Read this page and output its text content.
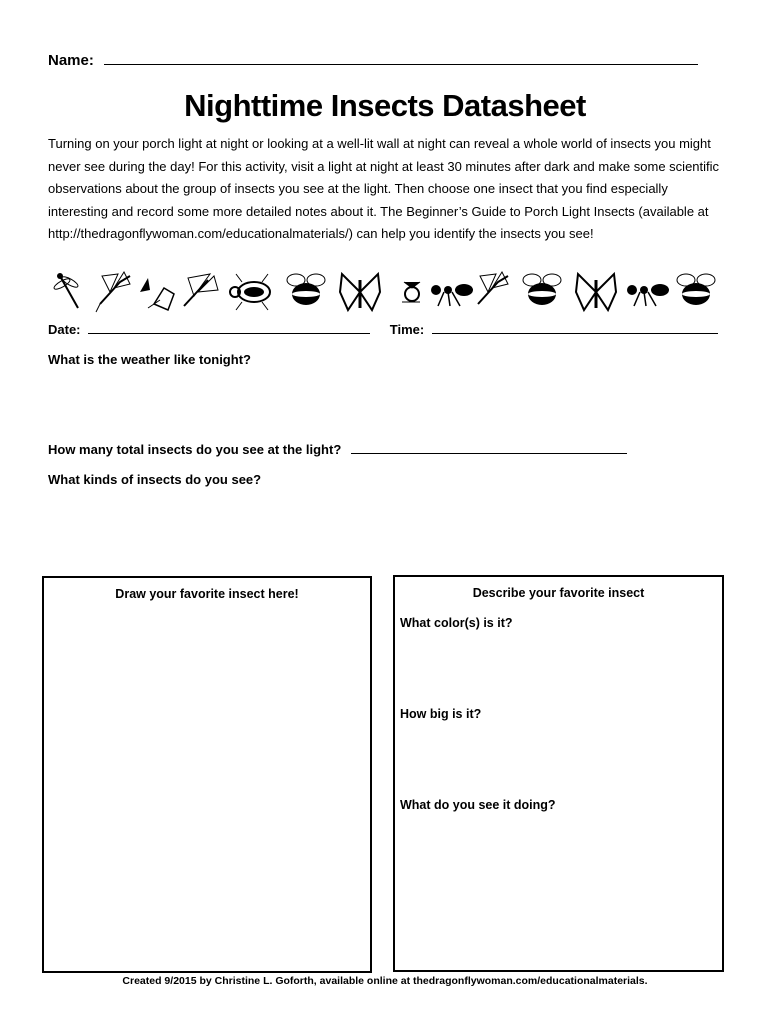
Name:
Nighttime Insects Datasheet
Turning on your porch light at night or looking at a well-lit wall at night can reveal a whole world of insects you might never see during the day! For this activity, visit a light at night at least 30 minutes after dark and make some scientific observations about the group of insects you see at the light. Then choose one insect that you find especially interesting and record some more detailed notes about it. The Beginner’s Guide to Porch Light Insects (available at http://thedragonflywoman.com/educationalmaterials/) can help you identify the insects you see!
Date:	Time:
What is the weather like tonight?
How many total insects do you see at the light?
What kinds of insects do you see?
Draw your favorite insect here!	Describe your favorite insect
What color(s) is it?
How big is it?
What do you see it doing?
Created 9/2015 by Christine L. Goforth, available online at thedragonflywoman.com/educationalmaterials.
